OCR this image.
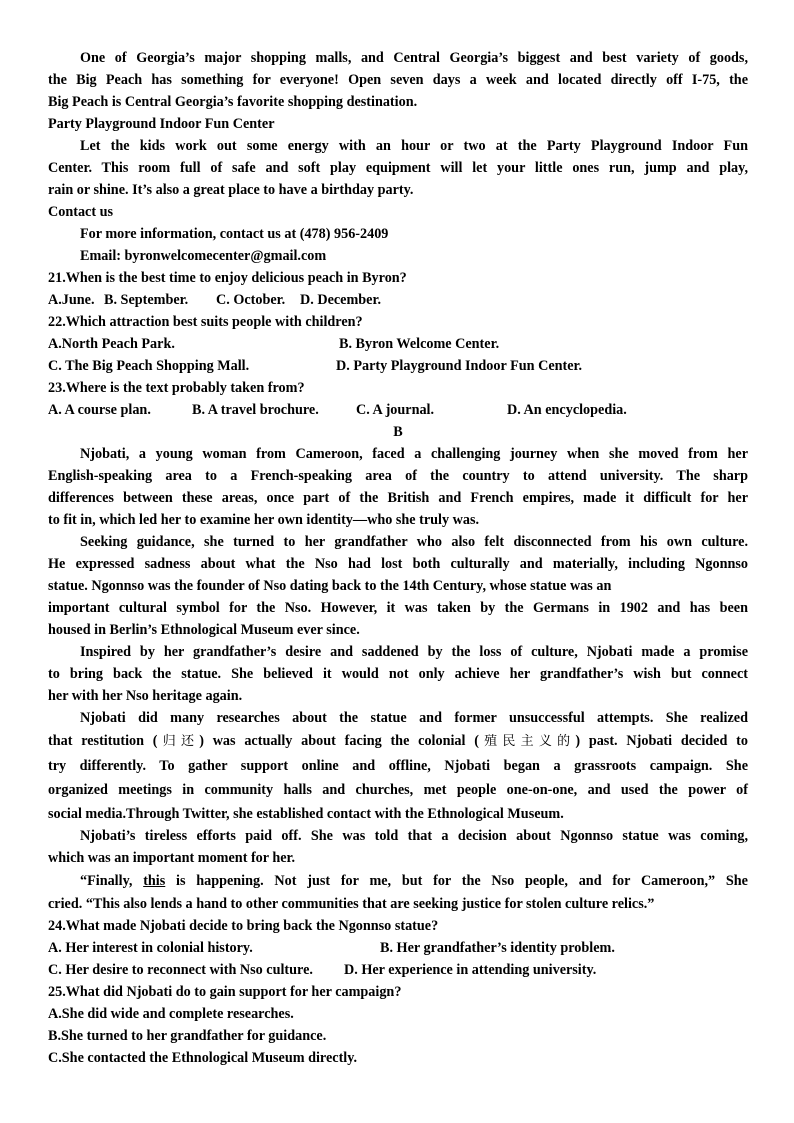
One of Georgia’s major shopping malls, and Central Georgia’s biggest and best variety of goods,
the Big Peach has something for everyone! Open seven days a week and located directly off I-75, the
Big Peach is Central Georgia’s favorite shopping destination.
Party Playground Indoor Fun Center
Let the kids work out some energy with an hour or two at the Party Playground Indoor Fun
Center. This room full of safe and soft play equipment will let your little ones run, jump and play,
rain or shine. It’s also a great place to have a birthday party.
Contact us
For more information, contact us at (478) 956-2409
Email: byronwelcomecenter@gmail.com
21.When is the best time to enjoy delicious peach in Byron?
A.June. B. September.	C. October.	D. December.
22.Which attraction best suits people with children?
A.North Peach Park.	B. Byron Welcome Center.
C. The Big Peach Shopping Mall.	D. Party Playground Indoor Fun Center.
23.Where is the text probably taken from?
A. A course plan.	B. A travel brochure.	C. A journal.	D. An encyclopedia.
B
Njobati, a young woman from Cameroon, faced a challenging journey when she moved from her
English-speaking area to a French-speaking area of the country to attend university. The sharp
differences between these areas, once part of the British and French empires, made it difficult for her
to fit in, which led her to examine her own identity—who she truly was.
Seeking guidance, she turned to her grandfather who also felt disconnected from his own culture.
He expressed sadness about what the Nso had lost both culturally and materially, including Ngonnso
statue. Ngonnso was the founder of Nso dating back to the 14th Century, whose statue was an
important cultural symbol for the Nso. However, it was taken by the Germans in 1902 and has been
housed in Berlin’s Ethnological Museum ever since.
Inspired by her grandfather’s desire and saddened by the loss of culture, Njobati made a promise
to bring back the statue. She believed it would not only achieve her grandfather’s wish but connect
her with her Nso heritage again.
Njobati did many researches about the statue and former unsuccessful attempts. She realized
that restitution (归还) was actually about facing the colonial (殖民主义的) past. Njobati decided to
try differently. To gather support online and offline, Njobati began a grassroots campaign. She
organized meetings in community halls and churches, met people one-on-one, and used the power of
social media.Through Twitter, she established contact with the Ethnological Museum.
Njobati’s tireless efforts paid off. She was told that a decision about Ngonnso statue was coming,
which was an important moment for her.
“Finally, this is happening. Not just for me, but for the Nso people, and for Cameroon,” She
cried. “This also lends a hand to other communities that are seeking justice for stolen culture relics.”
24.What made Njobati decide to bring back the Ngonnso statue?
A. Her interest in colonial history.	B. Her grandfather’s identity problem.
C. Her desire to reconnect with Nso culture.	D. Her experience in attending university.
25.What did Njobati do to gain support for her campaign?
A.She did wide and complete researches.
B.She turned to her grandfather for guidance.
C.She contacted the Ethnological Museum directly.
